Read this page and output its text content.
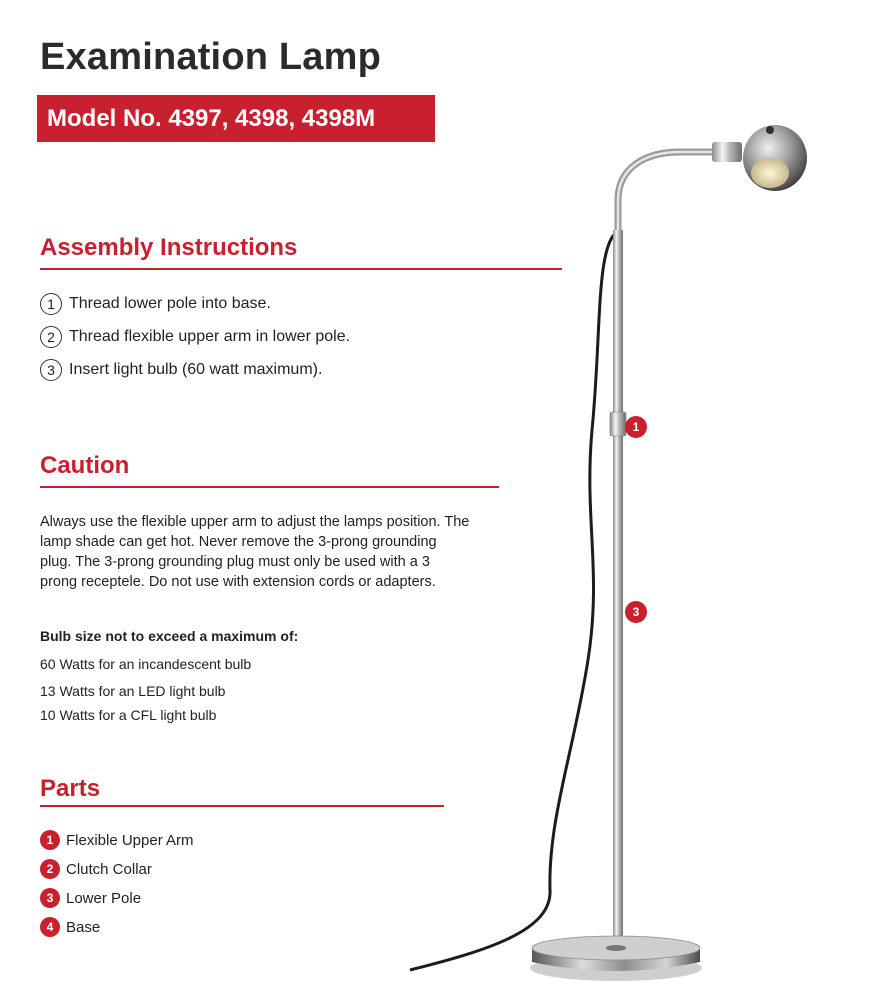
Examination Lamp
Model No. 4397, 4398, 4398M
Assembly Instructions
1 Thread lower pole into base.
2 Thread flexible upper arm in lower pole.
3 Insert light bulb (60 watt maximum).
Caution

Always use the flexible upper arm to adjust the lamps position. The lamp shade can get hot. Never remove the 3-prong grounding plug. The 3-prong grounding plug must only be used with a 3 prong receptele. Do not use with extension cords or adapters.

Bulb size not to exceed a maximum of:

60 Watts for an incandescent bulb
13 Watts for an LED light bulb
10 Watts for a CFL light bulb
Parts
1 Flexible Upper Arm
2 Clutch Collar
3 Lower Pole
4 Base
1
3
